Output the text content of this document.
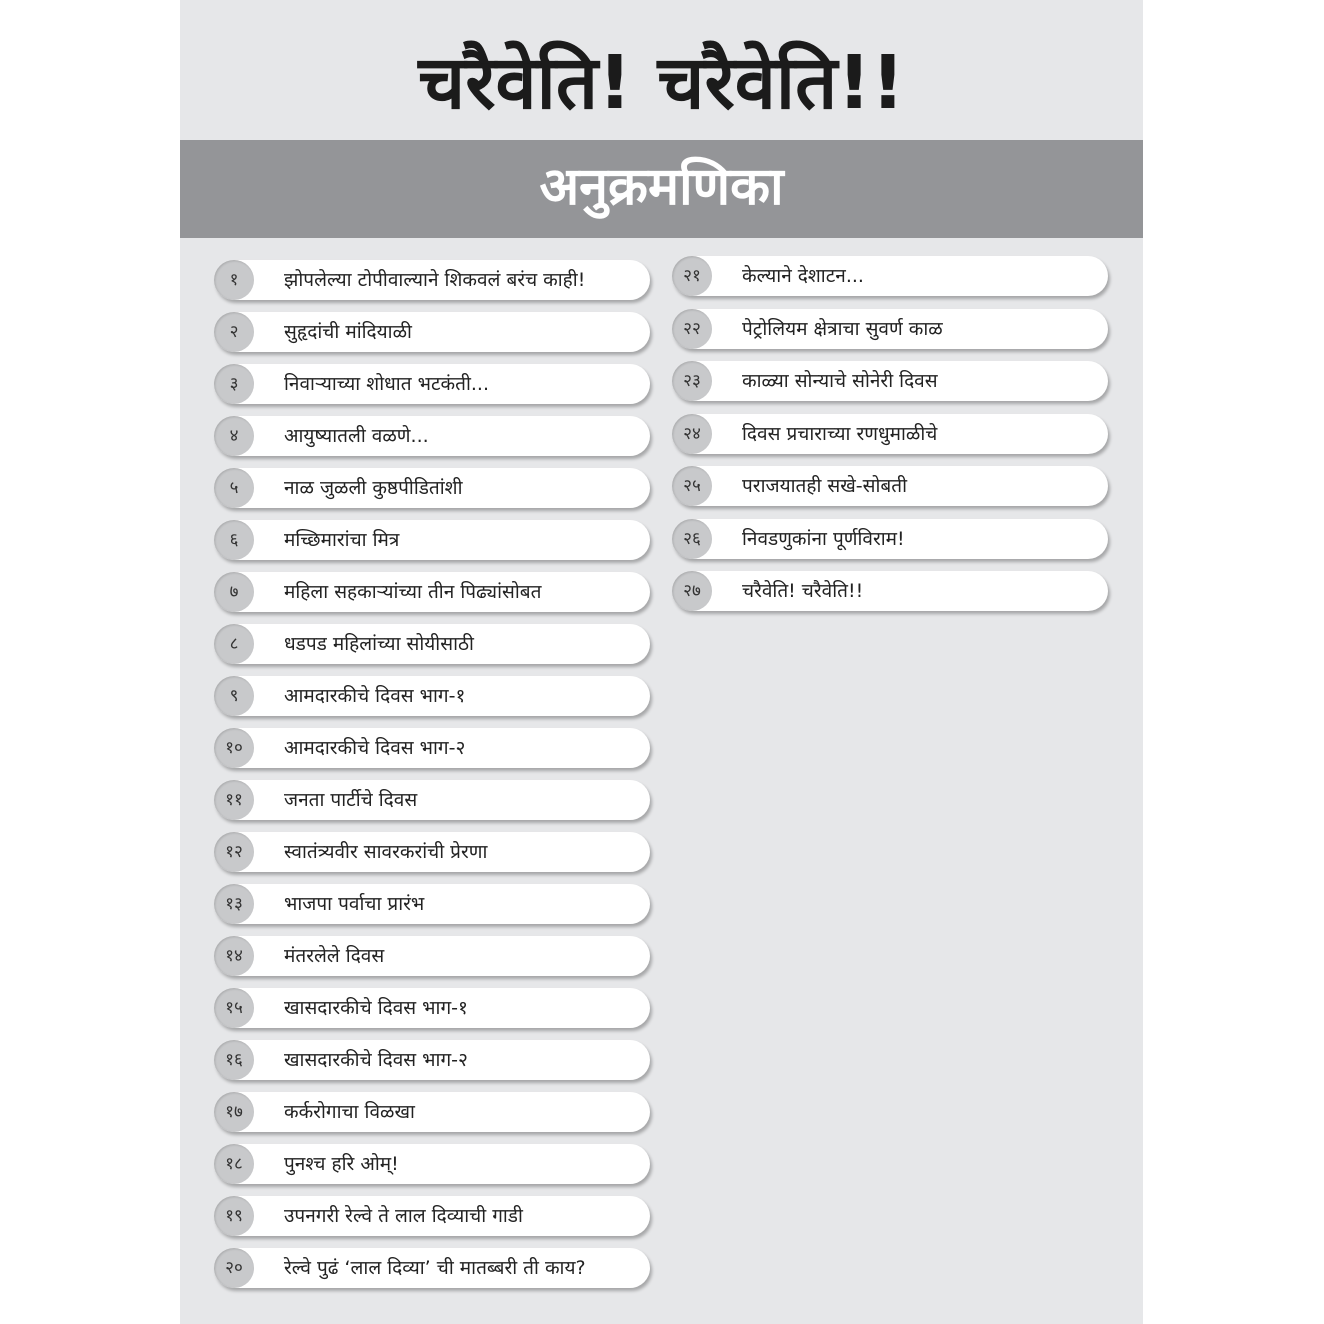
चरैवेति! चरैवेति!!
अनुक्रमणिका
१	झोपलेल्या टोपीवाल्याने शिकवलं बरंच काही!
२	सुहृदांची मांदियाळी
३	निवाऱ्याच्या शोधात भटकंती...
४	आयुष्यातली वळणे...
५	नाळ जुळली कुष्ठपीडितांशी
६	मच्छिमारांचा मित्र
७	महिला सहकाऱ्यांच्या तीन पिढ्यांसोबत
८	धडपड महिलांच्या सोयीसाठी
९	आमदारकीचे दिवस भाग-१
१०	आमदारकीचे दिवस भाग-२
११	जनता पार्टीचे दिवस
१२	स्वातंत्र्यवीर सावरकरांची प्रेरणा
१३	भाजपा पर्वाचा प्रारंभ
१४	मंतरलेले दिवस
१५	खासदारकीचे दिवस भाग-१
१६	खासदारकीचे दिवस भाग-२
१७	कर्करोगाचा विळखा
१८	पुनश्च हरि ओम्!
१९	उपनगरी रेल्वे ते लाल दिव्याची गाडी
२०	रेल्वे पुढं ‘लाल दिव्या’ ची मातब्बरी ती काय?
२१	केल्याने देशाटन...
२२	पेट्रोलियम क्षेत्राचा सुवर्ण काळ
२३	काळ्या सोन्याचे सोनेरी दिवस
२४	दिवस प्रचाराच्या रणधुमाळीचे
२५	पराजयातही सखे-सोबती
२६	निवडणुकांना पूर्णविराम!
२७	चरैवेति! चरैवेति!!
